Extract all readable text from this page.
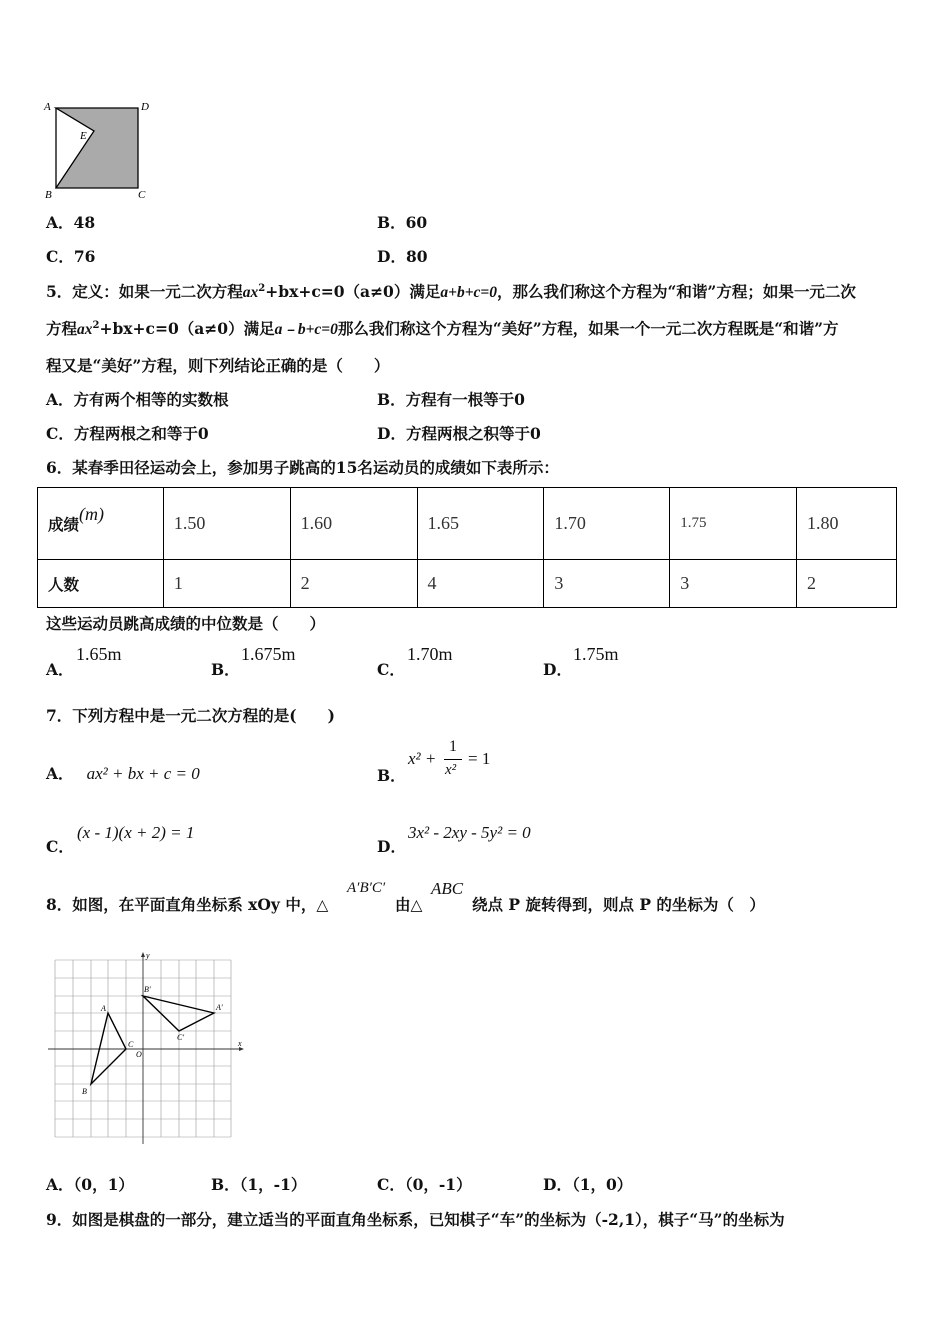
A	D
E
B	C
A．48	B．60
C．76	D．80
5．定义：如果一元二次方程$ax^2+bx+c=0(a\ne 0)$满足a+b+c=0，那么我们称这个方程为“和谐”方程；如果一元二次
方程$ax^2+bx+c=0(a\ne 0)$满足a﹣b+c=0那么我们称这个方程为“美好”方程，如果一个一元二次方程既是“和谐”方
程又是“美好”方程，则下列结论正确的是（　　）
A．方有两个相等的实数根	B．方程有一根等于0
C．方程两根之和等于0	D．方程两根之积等于0
6．某春季田径运动会上，参加男子跳高的15名运动员的成绩如下表所示：
成绩(m)	1.50	1.60	1.65	1.70	1.75	1.80
人数	1	2	4	3	3	2
这些运动员跳高成绩的中位数是（　　）
A．
1.65m
B．
1.675m
C．
1.70m
D．
1.75m
7．下列方程中是一元二次方程的是(　　)
A． ax² + bx + c = 0	B．
x² +
1
x²
= 1
C．
(x - 1)(x + 2) = 1
D．
3x² - 2xy - 5y² = 0
8．如图，在平面直角坐标系 xOy 中，△
A′B′C′
由△
ABC
绕点 P 旋转得到，则点 P 的坐标为（　）
y
x
O
A
B
C
A'
B'
C'
A．（0，1）	B．（1，-1）	C．（0，-1）	D．（1，0）
9．如图是棋盘的一部分，建立适当的平面直角坐标系，已知棋子“车”的坐标为（-2,1），棋子“马”的坐标为
